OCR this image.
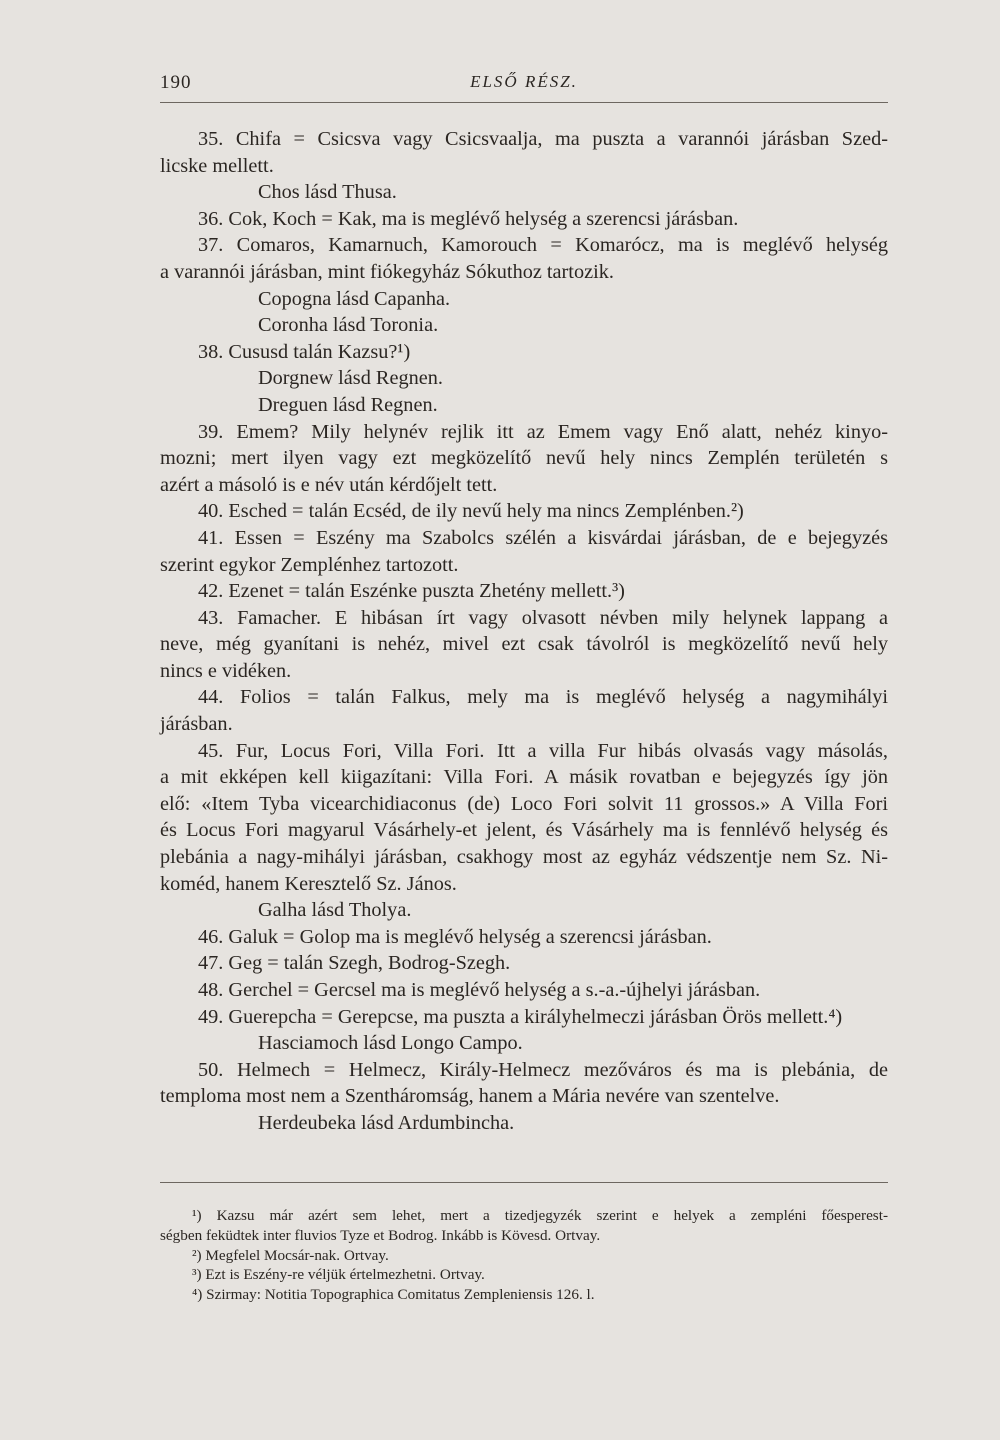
190	ELSŐ RÉSZ.

35. Chifa = Csicsva vagy Csicsvaalja, ma puszta a varannói járásban Szed-
licske mellett.

Chos lásd Thusa.

36. Cok, Koch = Kak, ma is meglévő helység a szerencsi járásban.

37. Comaros, Kamarnuch, Kamorouch = Komarócz, ma is meglévő helység
a varannói járásban, mint fiókegyház Sókuthoz tartozik.

Copogna lásd Capanha.

Coronha lásd Toronia.

38. Cususd talán Kazsu?¹)

Dorgnew lásd Regnen.

Dreguen lásd Regnen.

39. Emem? Mily helynév rejlik itt az Emem vagy Enő alatt, nehéz kinyo-
mozni; mert ilyen vagy ezt megközelítő nevű hely nincs Zemplén területén s
azért a másoló is e név után kérdőjelt tett.

40. Esched = talán Ecséd, de ily nevű hely ma nincs Zemplénben.²)

41. Essen = Eszény ma Szabolcs szélén a kisvárdai járásban, de e bejegyzés
szerint egykor Zemplénhez tartozott.

42. Ezenet = talán Eszénke puszta Zhetény mellett.³)

43. Famacher. E hibásan írt vagy olvasott névben mily helynek lappang a
neve, még gyanítani is nehéz, mivel ezt csak távolról is megközelítő nevű hely
nincs e vidéken.

44. Folios = talán Falkus, mely ma is meglévő helység a nagymihályi
járásban.

45. Fur, Locus Fori, Villa Fori. Itt a villa Fur hibás olvasás vagy másolás,
a mit ekképen kell kiigazítani: Villa Fori. A másik rovatban e bejegyzés így jön
elő: «Item Tyba vicearchidiaconus (de) Loco Fori solvit 11 grossos.» A Villa Fori
és Locus Fori magyarul Vásárhely-et jelent, és Vásárhely ma is fennlévő helység és
plebánia a nagy-mihályi járásban, csakhogy most az egyház védszentje nem Sz. Ni-
koméd, hanem Keresztelő Sz. János.

Galha lásd Tholya.

46. Galuk = Golop ma is meglévő helység a szerencsi járásban.

47. Geg = talán Szegh, Bodrog-Szegh.

48. Gerchel = Gercsel ma is meglévő helység a s.-a.-újhelyi járásban.

49. Guerepcha = Gerepcse, ma puszta a királyhelmeczi járásban Örös mellett.⁴)

Hasciamoch lásd Longo Campo.

50. Helmech = Helmecz, Király-Helmecz mezőváros és ma is plebánia, de
temploma most nem a Szentháromság, hanem a Mária nevére van szentelve.

Herdeubeka lásd Ardumbincha.

¹) Kazsu már azért sem lehet, mert a tizedjegyzék szerint e helyek a zempléni főesperest-
ségben feküdtek inter fluvios Tyze et Bodrog. Inkább is Kövesd. Ortvay.

²) Megfelel Mocsár-nak. Ortvay.

³) Ezt is Eszény-re véljük értelmezhetni. Ortvay.

⁴) Szirmay: Notitia Topographica Comitatus Zempleniensis 126. l.
